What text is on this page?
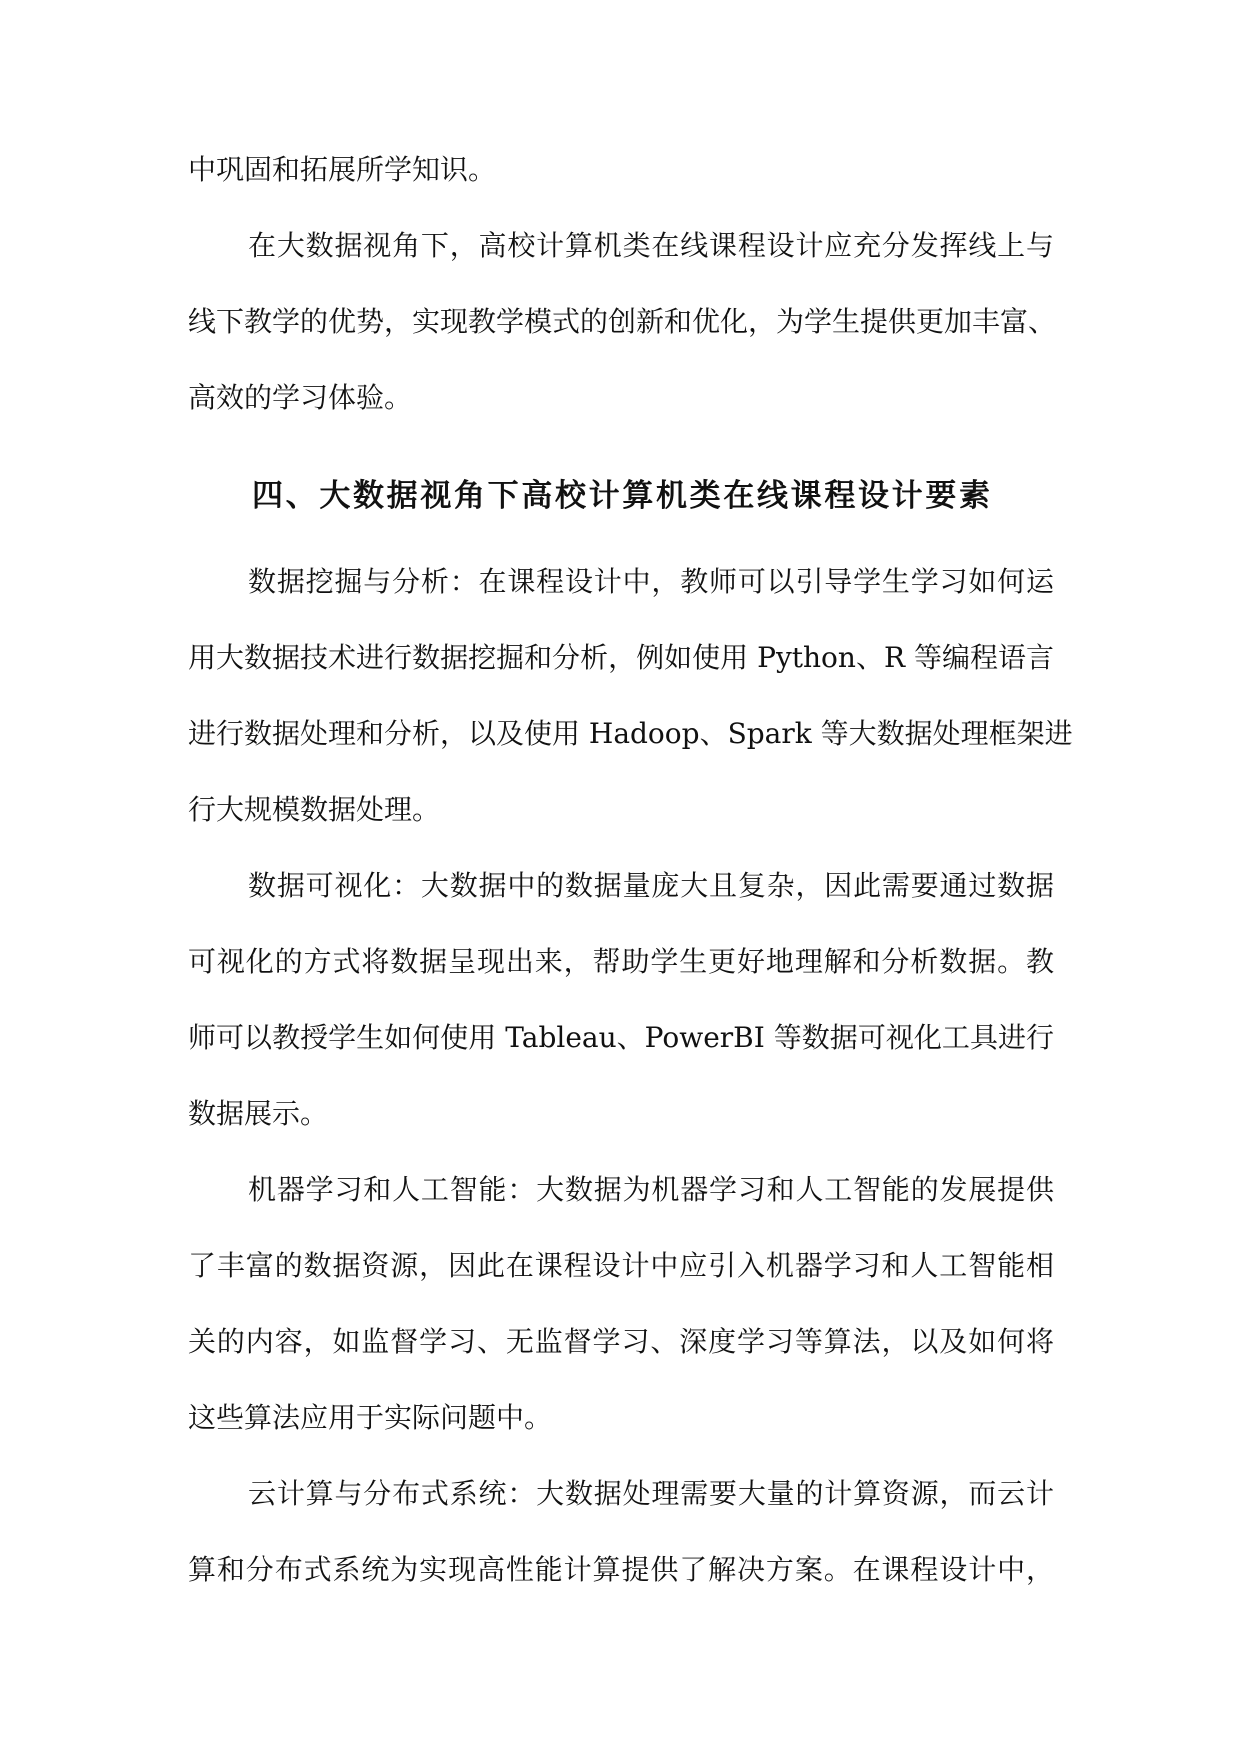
中巩固和拓展所学知识。
在大数据视角下，高校计算机类在线课程设计应充分发挥线上与
线下教学的优势，实现教学模式的创新和优化，为学生提供更加丰富、
高效的学习体验。
四、大数据视角下高校计算机类在线课程设计要素
数据挖掘与分析：在课程设计中，教师可以引导学生学习如何运
用大数据技术进行数据挖掘和分析，例如使用 Python、R 等编程语言
进行数据处理和分析，以及使用 Hadoop、Spark 等大数据处理框架进
行大规模数据处理。
数据可视化：大数据中的数据量庞大且复杂，因此需要通过数据
可视化的方式将数据呈现出来，帮助学生更好地理解和分析数据。教
师可以教授学生如何使用 Tableau、PowerBI 等数据可视化工具进行
数据展示。
机器学习和人工智能：大数据为机器学习和人工智能的发展提供
了丰富的数据资源，因此在课程设计中应引入机器学习和人工智能相
关的内容，如监督学习、无监督学习、深度学习等算法，以及如何将
这些算法应用于实际问题中。
云计算与分布式系统：大数据处理需要大量的计算资源，而云计
算和分布式系统为实现高性能计算提供了解决方案。在课程设计中，
